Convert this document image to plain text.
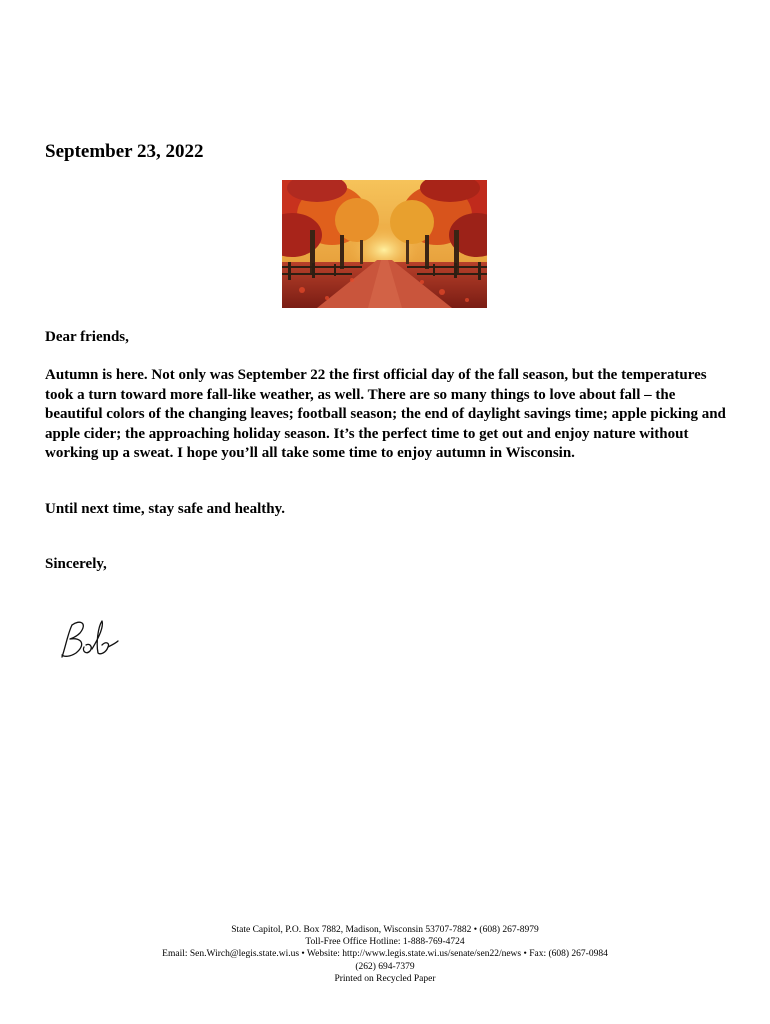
September 23, 2022
Dear friends,
Autumn is here. Not only was September 22 the first official day of the fall season, but the temperatures took a turn toward more fall-like weather, as well. There are so many things to love about fall – the beautiful colors of the changing leaves; football season; the end of daylight savings time; apple picking and apple cider; the approaching holiday season. It’s the perfect time to get out and enjoy nature without working up a sweat. I hope you’ll all take some time to enjoy autumn in Wisconsin.
Until next time, stay safe and healthy.
Sincerely,
State Capitol, P.O. Box 7882, Madison, Wisconsin 53707-7882 • (608) 267-8979
Toll-Free Office Hotline: 1-888-769-4724
Email: Sen.Wirch@legis.state.wi.us • Website: http://www.legis.state.wi.us/senate/sen22/news • Fax: (608) 267-0984
(262) 694-7379
Printed on Recycled Paper
